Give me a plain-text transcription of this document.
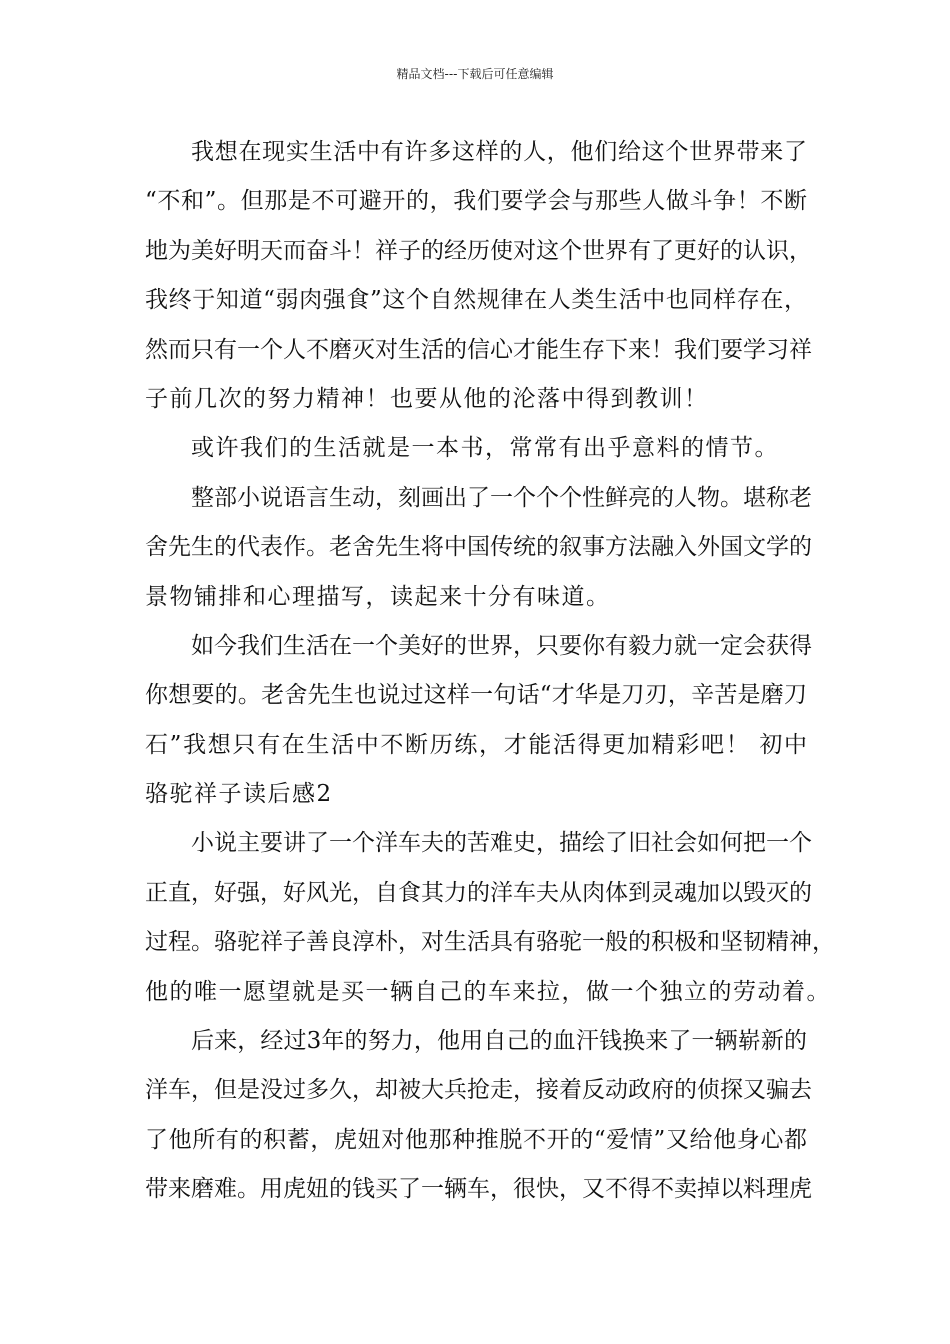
精品文档---下载后可任意编辑
我想在现实生活中有许多这样的人，他们给这个世界带来了
“不和”。但那是不可避开的，我们要学会与那些人做斗争！不断
地为美好明天而奋斗！祥子的经历使对这个世界有了更好的认识，
我终于知道“弱肉强食”这个自然规律在人类生活中也同样存在，
然而只有一个人不磨灭对生活的信心才能生存下来！我们要学习祥
子前几次的努力精神！也要从他的沦落中得到教训！
或许我们的生活就是一本书，常常有出乎意料的情节。
整部小说语言生动，刻画出了一个个个性鲜亮的人物。堪称老
舍先生的代表作。老舍先生将中国传统的叙事方法融入外国文学的
景物铺排和心理描写，读起来十分有味道。
如今我们生活在一个美好的世界，只要你有毅力就一定会获得
你想要的。老舍先生也说过这样一句话“才华是刀刃，辛苦是磨刀
石”我想只有在生活中不断历练，才能活得更加精彩吧！ 初中
骆驼祥子读后感2
小说主要讲了一个洋车夫的苦难史，描绘了旧社会如何把一个
正直，好强，好风光，自食其力的洋车夫从肉体到灵魂加以毁灭的
过程。骆驼祥子善良淳朴，对生活具有骆驼一般的积极和坚韧精神，
他的唯一愿望就是买一辆自己的车来拉，做一个独立的劳动着。
后来，经过3年的努力，他用自己的血汗钱换来了一辆崭新的
洋车，但是没过多久，却被大兵抢走，接着反动政府的侦探又骗去
了他所有的积蓄，虎妞对他那种推脱不开的“爱情”又给他身心都
带来磨难。用虎妞的钱买了一辆车，很快，又不得不卖掉以料理虎
